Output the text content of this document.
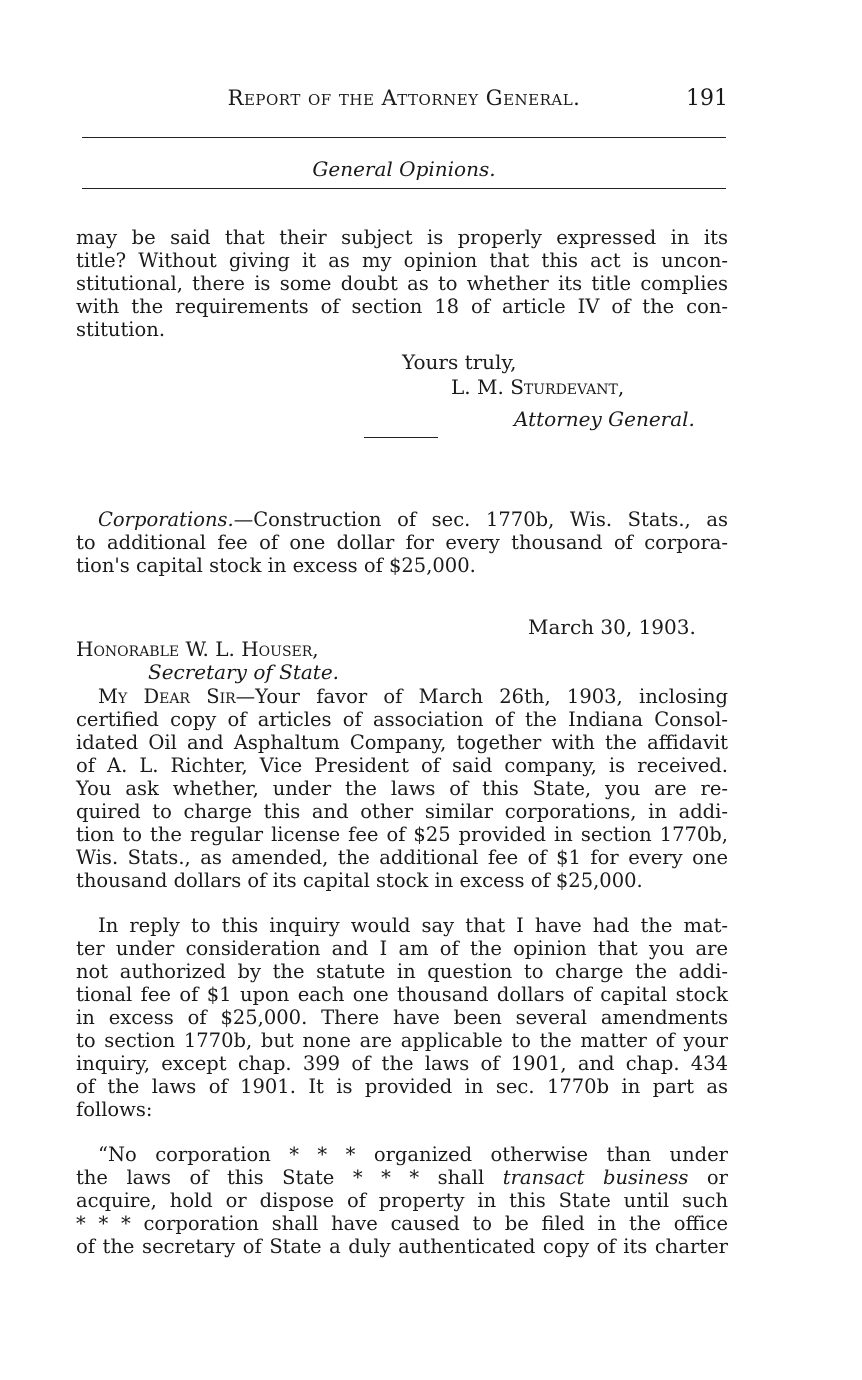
Report of the Attorney General.	191
General Opinions.
may be said that their subject is properly expressed in its
title? Without giving it as my opinion that this act is uncon-
stitutional, there is some doubt as to whether its title complies
with the requirements of section 18 of article IV of the con-
stitution.
Yours truly,
L. M. Sturdevant,
Attorney General.
Corporations.—Construction of sec. 1770b, Wis. Stats., as
to additional fee of one dollar for every thousand of corpora-
tion's capital stock in excess of $25,000.
March 30, 1903.
Honorable W. L. Houser,
Secretary of State.
My Dear Sir—Your favor of March 26th, 1903, inclosing
certified copy of articles of association of the Indiana Consol-
idated Oil and Asphaltum Company, together with the affidavit
of A. L. Richter, Vice President of said company, is received.
You ask whether, under the laws of this State, you are re-
quired to charge this and other similar corporations, in addi-
tion to the regular license fee of $25 provided in section 1770b,
Wis. Stats., as amended, the additional fee of $1 for every one
thousand dollars of its capital stock in excess of $25,000.
In reply to this inquiry would say that I have had the mat-
ter under consideration and I am of the opinion that you are
not authorized by the statute in question to charge the addi-
tional fee of $1 upon each one thousand dollars of capital stock
in excess of $25,000. There have been several amendments
to section 1770b, but none are applicable to the matter of your
inquiry, except chap. 399 of the laws of 1901, and chap. 434
of the laws of 1901. It is provided in sec. 1770b in part as
follows:
“No corporation * * * organized otherwise than under
the laws of this State * * * shall transact business or
acquire, hold or dispose of property in this State until such
* * * corporation shall have caused to be filed in the office
of the secretary of State a duly authenticated copy of its charter
